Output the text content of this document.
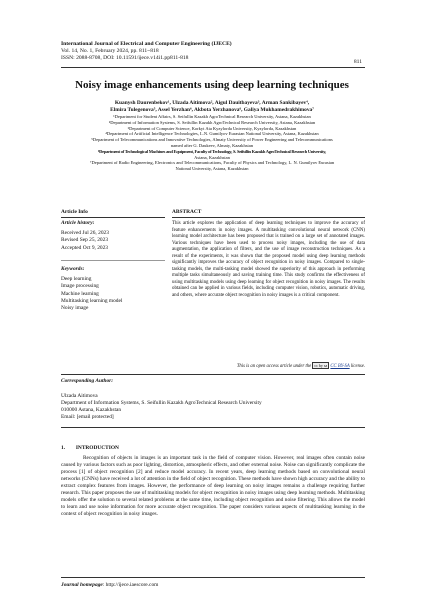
International Journal of Electrical and Computer Engineering (IJECE)
Vol. 14, No. 1, February 2024, pp. 811~818
ISSN: 2088-8708, DOI: 10.11591/ijece.v14i1.pp811-818
811
Noisy image enhancements using deep learning techniques
Kuanysh Daurenbekov¹, Ulzada Aitimova², Aigul Dauitbayeva³, Arman Sankibayev⁴,
Elmira Tulegenova⁵, Assel Yerzhan⁶, Akbota Yerzhanova⁶, Galiya Mukhamedrakhimova⁷
¹Department for Student Affairs, S. Seifullin Kazakh AgroTechnical Research University, Astana, Kazakhstan
²Department of Information Systems, S. Seifullin Kazakh AgroTechnical Research University, Astana, Kazakhstan
³Department of Computer Science, Korkyt Ata Kyzylorda University, Kyzylorda, Kazakhstan
⁴Department of Artificial Intelligence Technologies, L.N. Gumilyov Eurasian National University, Astana, Kazakhstan
⁵Department of Telecommunications and Innovative Technologies, Almaty University of Power Engineering and Telecommunications
named after G. Daukeev, Almaty, Kazakhstan
⁶Department of Technological Machines and Equipment, Faculty of Technology, S. Seifullin Kazakh AgroTechnical Research University,
Astana, Kazakhstan
⁷Department of Radio Engineering, Electronics and Telecommunications, Faculty of Physics and Technology, L. N. Gumilyov Eurasian
National University, Astana, Kazakhstan
Article Info	ABSTRACT
Article history:
Received Jul 26, 2023
Revised Sep 25, 2023
Accepted Oct 9, 2023
Keywords:
Deep learning
Image processing
Machine learning
Multitasking learning model
Noisy image
This article explores the application of deep learning techniques to improve the accuracy of feature enhancements in noisy images. A multitasking convolutional neural network (CNN) learning model architecture has been proposed that is trained on a large set of annotated images. Various techniques have been used to process noisy images, including the use of data augmentation, the application of filters, and the use of image reconstruction techniques. As a result of the experiments, it was shown that the proposed model using deep learning methods significantly improves the accuracy of object recognition in noisy images. Compared to single-tasking models, the multi-tasking model showed the superiority of this approach in performing multiple tasks simultaneously and saving training time. This study confirms the effectiveness of using multitasking models using deep learning for object recognition in noisy images. The results obtained can be applied in various fields, including computer vision, robotics, automatic driving, and others, where accurate object recognition in noisy images is a critical component.
This is an open access article under the cc by sa CC BY-SA license.
Corresponding Author:
Ulzada Aitimova
Department of Information Systems, S. Seifullin Kazakh AgroTechnical Research University
010000 Astana, Kazakhstan
Email: [email protected]
1.        INTRODUCTION
Recognition of objects in images is an important task in the field of computer vision. However, real images often contain noise caused by various factors such as poor lighting, distortion, atmospheric effects, and other external noise. Noise can significantly complicate the process [1] of object recognition [2] and reduce model accuracy. In recent years, deep learning methods based on convolutional neural networks (CNNs) have received a lot of attention in the field of object recognition. These methods have shown high accuracy and the ability to extract complex features from images. However, the performance of deep learning on noisy images remains a challenge requiring further research. This paper proposes the use of multitasking models for object recognition in noisy images using deep learning methods. Multitasking models offer the solution to several related problems at the same time, including object recognition and noise filtering. This allows the model to learn and use noise information for more accurate object recognition. The paper considers various aspects of multitasking learning in the context of object recognition in noisy images.
Journal homepage: http://ijece.iaescore.com
